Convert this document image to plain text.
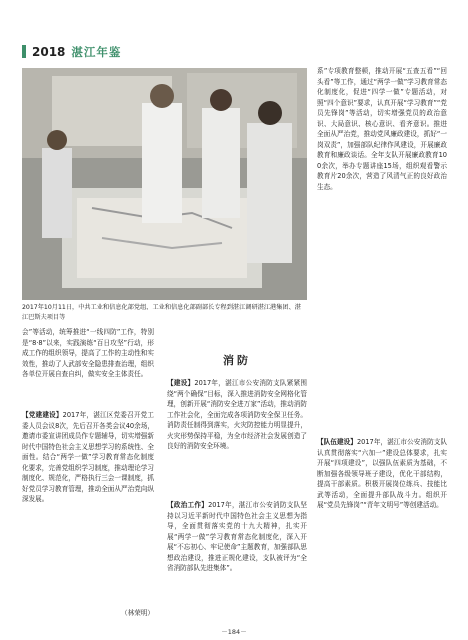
2018 湛江年鉴
2017年10月11日，中共工业和信息化部党组、工业和信息化部副部长专程到湛江调研湛江港集团、湛江巴斯夫项目等

会”等活动，统筹推进“一线四防”工作，特别是“8·8”以来，实践演练“百日攻坚”行动，形成工作的组织领导，提高了工作的主动性和实效性，推动了人武部安全隐患排查治理，组织各单位开展自查自纠，做实安全主体责任。

【党建建设】2017年，湛江区党委召开党工委人员会议8次，先后召开各类会议40余场，邀请市委宣讲团成员作专题辅导，切实增强新时代中国特色社会主义思想学习的系统性、全面性。结合“两学一做”学习教育常态化制度化要求，完善党组织学习制度，推动理论学习制度化、规范化，严格执行三会一课制度，抓好党员学习教育管理，推动全面从严治党向纵深发展。

（林荣明）
消防

【建设】2017年，湛江市公安消防支队紧紧围绕“两个确保”目标，深入推进消防安全网格化管理，创新开展“消防安全进万家”活动，推动消防工作社会化，全面完成各项消防安全保卫任务。消防责任制得到落实，火灾防控能力明显提升，火灾形势保持平稳，为全市经济社会发展创造了良好的消防安全环境。

【政治工作】2017年，湛江市公安消防支队坚持以习近平新时代中国特色社会主义思想为指导，全面贯彻落实党的十九大精神，扎实开展“两学一做”学习教育常态化制度化，深入开展“不忘初心、牢记使命”主题教育，加强部队思想政治建设，推进正规化建设，支队被评为“全省消防部队先进集体”。

系”专项教育整顿，推动开展“五查五看”“回头看”等工作，通过“两学一做”学习教育常态化制度化，促进“四学一做”专题活动，对照“四个意识”要求，认真开展“学习教育”“党员先锋岗”等活动，切实增强党员的政治意识、大局意识、核心意识、看齐意识。推进全面从严治党，推动党风廉政建设，抓好“一岗双责”，加强部队纪律作风建设，开展廉政教育和廉政谈话。全年支队开展廉政教育100余次，举办专题讲座15场，组织观看警示教育片20余次，营造了风清气正的良好政治生态。

【队伍建设】2017年，湛江市公安消防支队认真贯彻落实“六加一”建设总体要求，扎实开展“四项建设”，以强队伍素质为基础，不断加强各级领导班子建设，优化干部结构，提高干部素质。积极开展岗位练兵、技能比武等活动，全面提升部队战斗力。组织开展“党员先锋岗”“青年文明号”等创建活动。

－184－
